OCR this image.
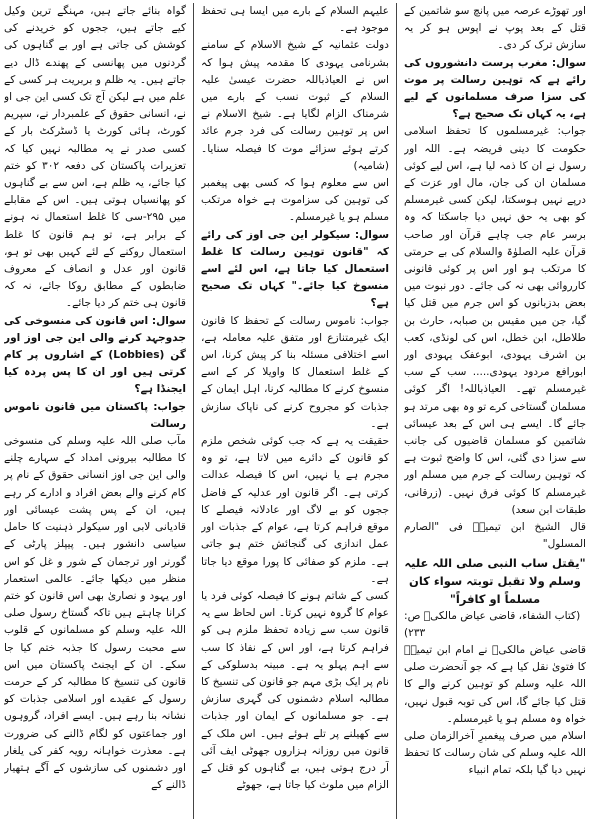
اور تھوڑے عرصہ میں پانچ سو شاتمین کے قتل کے بعد پوپ نے اپوس ہو کر یہ سازش ترک کر دی۔

سوال: مغرب پرست دانشوروں کی رائے ہے کہ توہین رسالت پر موت کی سزا صرف مسلمانوں کے لیے ہے، یہ کہاں تک صحیح ہے؟

جواب: غیرمسلموں کا تحفظ اسلامی حکومت کا دینی فریضہ ہے۔ اللہ اور رسول نے ان کا ذمہ لیا ہے، اس لیے کوئی مسلمان ان کی جان، مال اور عزت کے درپے نہیں ہوسکتا، لیکن کسی غیرمسلم کو بھی یہ حق نہیں دیا جاسکتا کہ وہ برسر عام جب چاہے قرآن اور صاحب قرآن علیہ الصلوٰۃ والسلام کی بے حرمتی کا مرتکب ہو اور اس پر کوئی قانونی کارروائی بھی نہ کی جائے۔ دور نبوت میں بعض بدزبانوں کو اس جرم میں قتل کیا گیا، جن میں مقیس بن صبابہ، حارث بن طلاطل، ابن خطل، اس کی لونڈی، کعب بن اشرف یہودی، ابوعفک یہودی اور ابورافع مردود یہودی..... سب کے سب غیرمسلم تھے۔ العیاذباللہ! اگر کوئی مسلمان گستاخی کرے تو وہ بھی مرتد ہو جائے گا۔ ایسے ہی اس کے بعد عیسائی شاتمین کو مسلمان قاضیوں کی جانب سے سزا دی گئی، اس کا واضح ثبوت ہے کہ توہین رسالت کے جرم میں مسلم اور غیرمسلم کا کوئی فرق نہیں۔ (زرقانی، طبقات ابن سعد)

قال الشیخ ابن تیمیہؒ فی "الصارم المسلول"

"یقتل ساب النبی صلی اللہ علیہ وسلم ولا تقبل توبتہ سواء کان مسلماً او کافراً"

(کتاب الشفاء، قاضی عیاض مالکیؒ ص: ۲۳۳)

قاضی عیاض مالکیؒ نے امام ابن تیمیہؒ کا فتویٰ نقل کیا ہے کہ جو آنحضرت صلی اللہ علیہ وسلم کو توہین کرنے والے کا قتل کیا جائے گا، اس کی توبہ قبول نہیں، خواہ وہ مسلم ہو یا غیرمسلم۔

اسلام میں صرف پیغمبرِ آخرالزمان صلی اللہ علیہ وسلم کی شان رسالت کا تحفظ نہیں دیا گیا بلکہ تمام انبیاء

علیہم السلام کے بارے میں ایسا ہی تحفظ موجود ہے۔

دولت عثمانیہ کے شیخ الاسلام کے سامنے بشرنامی یہودی کا مقدمہ پیش ہوا کہ اس نے العیاذباللہ حضرت عیسیٰ علیہ السلام کے ثبوت نسب کے بارے میں شرمناک الزام لگایا ہے۔ شیخ الاسلام نے اس پر توہین رسالت کی فرد جرم عائد کرتے ہوئے سزائے موت کا فیصلہ سنایا۔ (شامیہ)

اس سے معلوم ہوا کہ کسی بھی پیغمبر کی توہین کی سزاموت ہے خواہ مرتکب مسلم ہو یا غیرمسلم۔

سوال: سیکولر این جی اوز کی رائے کہ "قانون توہین رسالت کا غلط استعمال کیا جاتا ہے، اس لئے اسے منسوخ کیا جائے۔" کہاں تک صحیح ہے؟

جواب: ناموس رسالت کے تحفظ کا قانون ایک غیرمتنازع اور متفق علیہ معاملہ ہے، اسے اختلافی مسئلہ بنا کر پیش کرنا، اس کے غلط استعمال کا واویلا کر کے اسے منسوخ کرنے کا مطالبہ کرنا، اہل ایمان کے جذبات کو مجروح کرنے کی ناپاک سازش ہے۔

حقیقت یہ ہے کہ جب کوئی شخص ملزم کو قانون کے دائرے میں لاتا ہے، تو وہ مجرم ہے یا نہیں، اس کا فیصلہ عدالت کرتی ہے۔ اگر قانون اور عدلیہ کے فاضل ججوں کو بے لاگ اور عادلانہ فیصلے کا موقع فراہم کرتا ہے، عوام کے جذبات اور عمل اندازی کی گنجائش ختم ہو جاتی ہے۔ ملزم کو صفائی کا پورا موقع دیا جاتا ہے۔

کسی کے شاتم ہونے کا فیصلہ کوئی فرد یا عوام کا گروہ نہیں کرتا۔ اس لحاظ سے یہ قانون سب سے زیادہ تحفظ ملزم ہی کو فراہم کرتا ہے، اور اس کے نفاذ کا سب سے اہم پہلو یہ ہے۔ مبینہ بدسلوکی کے نام پر ایک بڑی مہم جو قانون کی تنسیخ کا مطالبہ اسلام دشمنوں کی گہری سازش ہے۔ جو مسلمانوں کے ایمان اور جذبات سے کھیلنے پر تلے ہوئے ہیں۔ اس ملک کے قانون میں روزانہ ہزاروں جھوٹی ایف آئی آر درج ہوتی ہیں، بے گناہوں کو قتل کے الزام میں ملوث کیا جاتا ہے، جھوٹے

گواہ بنائے جاتے ہیں، مہنگے ترین وکیل کیے جاتے ہیں، ججوں کو خریدنے کی کوشش کی جاتی ہے اور بے گناہوں کی گردنوں میں پھانسی کے پھندے ڈال دیے جاتے ہیں۔ یہ ظلم و بربریت ہر کسی کے علم میں ہے لیکن آج تک کسی این جی او نے، انسانی حقوق کے علمبردار نے، سپریم کورٹ، ہائی کورٹ یا ڈسٹرکٹ بار کے کسی صدر نے یہ مطالبہ نہیں کیا کہ تعزیرات پاکستان کی دفعہ ۳۰۲ کو ختم کیا جائے، یہ ظلم ہے، اس سے بے گناہوں کو پھانسیاں ہوتی ہیں۔ اس کے مقابلے میں ۲۹۵-سی کا غلط استعمال نہ ہونے کے برابر ہے، تو ہم قانون کا غلط استعمال روکنے کے لئے کہیں بھی تو ہو، قانون اور عدل و انصاف کے معروف ضابطوں کے مطابق روکا جائے، نہ کہ قانون ہی ختم کر دیا جائے۔

سوال: اس قانون کی منسوخی کی جدوجہد کرنے والی این جی اوز اور گن (Lobbies) کے اشاروں پر کام کرتی ہیں اور ان کا پس پردہ کیا ایجنڈا ہے؟

جواب: پاکستان میں قانون ناموس رسالت

مآب صلی اللہ علیہ وسلم کی منسوخی کا مطالبہ بیرونی امداد کے سہارے چلنے والی این جی اوز انسانی حقوق کے نام پر کام کرنے والے بعض افراد و ادارے کر رہے ہیں، ان کے پس پشت عیسائی اور قادیانی لابی اور سیکولر ذہنیت کا حامل سیاسی دانشور ہیں۔ پیپلز پارٹی کے گورنر اور ترجمان کے شور و غل کو اس منظر میں دیکھا جائے۔ عالمی استعمار اور یہود و نصاریٰ بھی اس قانون کو ختم کرانا چاہتے ہیں تاکہ گستاخ رسول صلی اللہ علیہ وسلم کو مسلمانوں کے قلوب سے محبت رسول کا جذبہ ختم کیا جا سکے۔ ان کے ایجنٹ پاکستان میں اس قانون کی تنسیخ کا مطالبہ کر کے حرمت رسول کے عقیدے اور اسلامی جذبات کو نشانہ بنا رہے ہیں۔ ایسے افراد، گروہوں اور جماعتوں کو لگام ڈالنے کی ضرورت ہے۔ معذرت خواہانہ رویہ کفر کی یلغار اور دشمنوں کی سازشوں کے آگے ہتھیار ڈالنے کے
